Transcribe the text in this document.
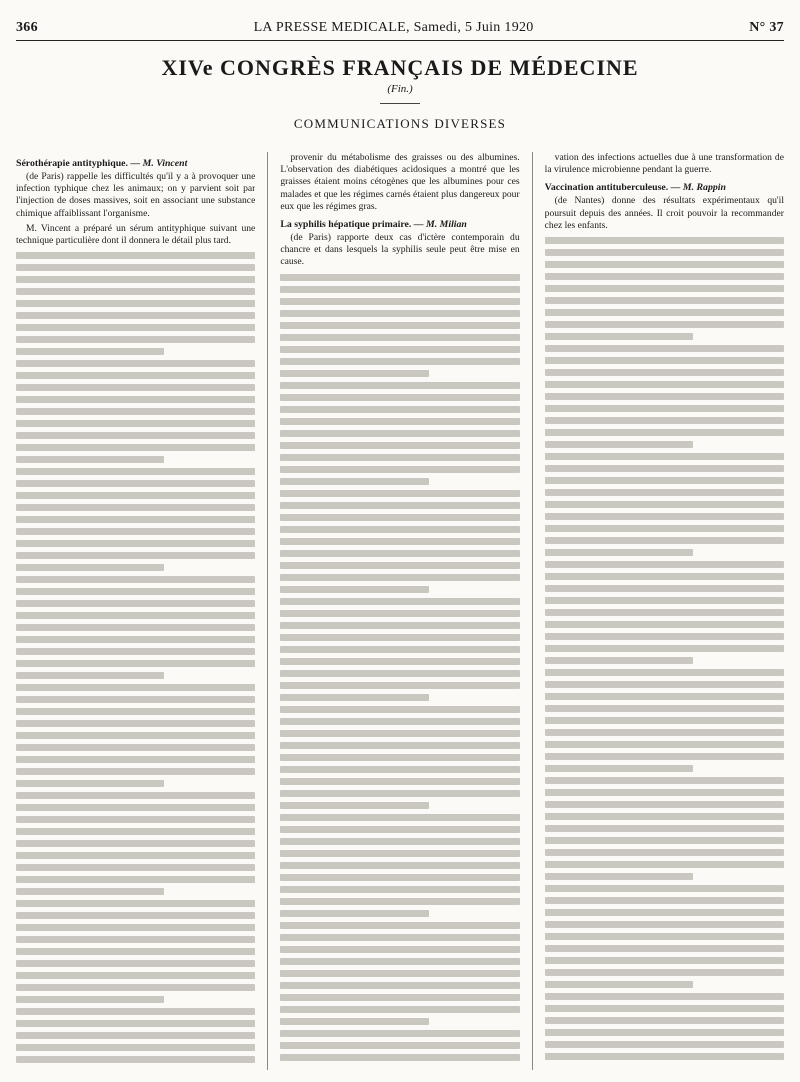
366	LA PRESSE MEDICALE, Samedi, 5 Juin 1920	N° 37
XIVe CONGRÈS FRANÇAIS DE MÉDECINE
(Fin.)
COMMUNICATIONS DIVERSES
Sérothérapie antityphique. — M. Vincent

(de Paris) rappelle les difficultés qu'il y a à provoquer une infection typhique chez les animaux; on y parvient soit par l'injection de doses massives, soit en associant une substance chimique affaiblissant l'organisme.

M. Vincent a préparé un sérum antityphique suivant une technique particulière dont il donnera le détail plus tard.

provenir du métabolisme des graisses ou des albumines. L'observation des diabétiques acidosiques a montré que les graisses étaient moins cétogènes que les albumines pour ces malades et que les régimes carnés étaient plus dangereux pour eux que les régimes gras.

La syphilis hépatique primaire. — M. Milian

(de Paris) rapporte deux cas d'ictère contemporain du chancre et dans lesquels la syphilis seule peut être mise en cause.

vation des infections actuelles due à une transformation de la virulence microbienne pendant la guerre.

Vaccination antituberculeuse. — M. Rappin

(de Nantes) donne des résultats expérimentaux qu'il poursuit depuis des années. Il croit pouvoir la recommander chez les enfants.
